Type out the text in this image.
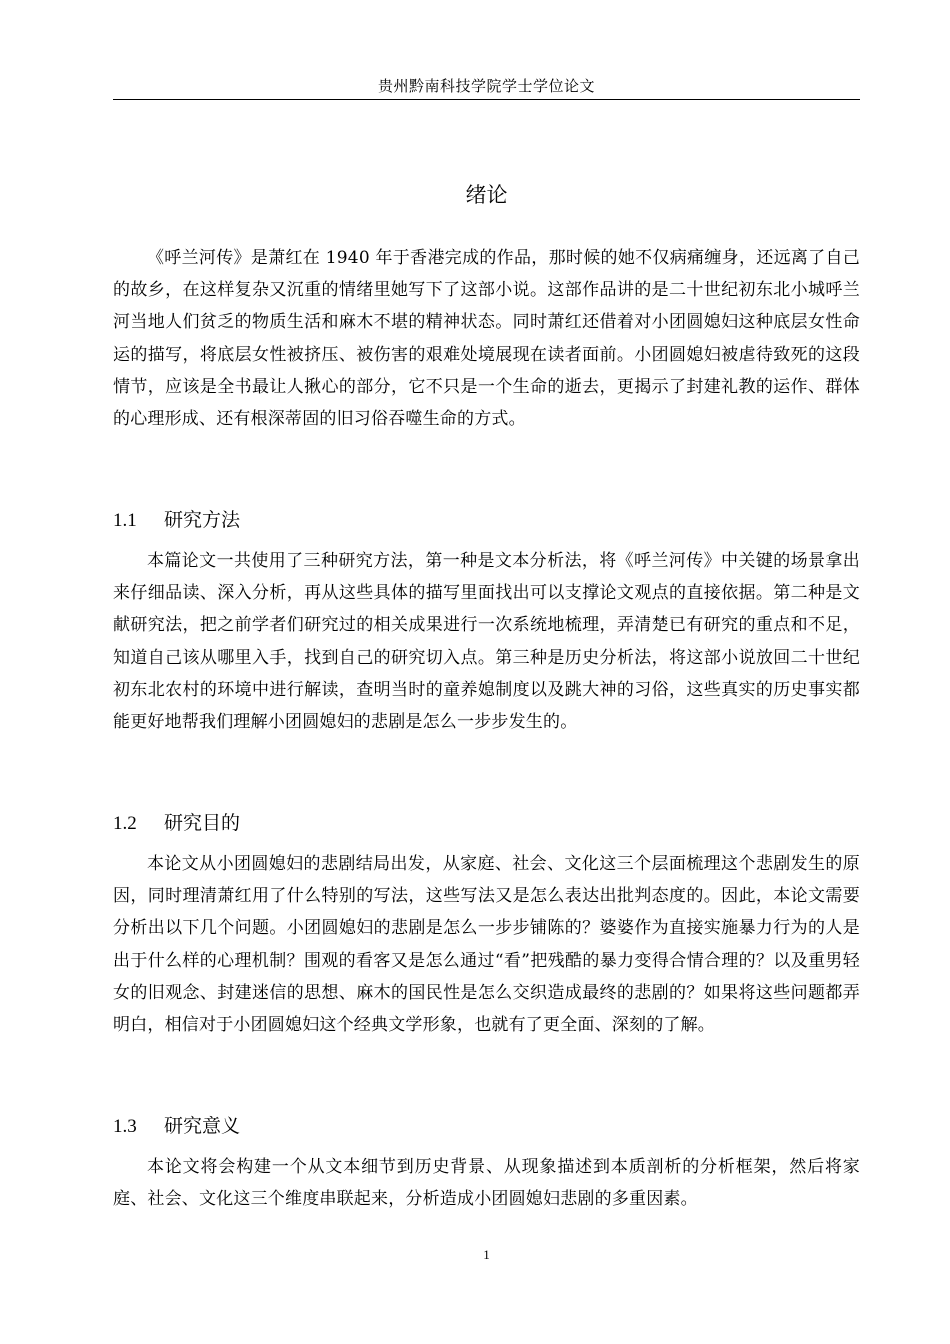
贵州黔南科技学院学士学位论文
绪论

《呼兰河传》是萧红在 1940 年于香港完成的作品，那时候的她不仅病痛缠身，还远离了自己的故乡，在这样复杂又沉重的情绪里她写下了这部小说。这部作品讲的是二十世纪初东北小城呼兰河当地人们贫乏的物质生活和麻木不堪的精神状态。同时萧红还借着对小团圆媳妇这种底层女性命运的描写，将底层女性被挤压、被伤害的艰难处境展现在读者面前。小团圆媳妇被虐待致死的这段情节，应该是全书最让人揪心的部分，它不只是一个生命的逝去，更揭示了封建礼教的运作、群体的心理形成、还有根深蒂固的旧习俗吞噬生命的方式。

1.1 研究方法

本篇论文一共使用了三种研究方法，第一种是文本分析法，将《呼兰河传》中关键的场景拿出来仔细品读、深入分析，再从这些具体的描写里面找出可以支撑论文观点的直接依据。第二种是文献研究法，把之前学者们研究过的相关成果进行一次系统地梳理，弄清楚已有研究的重点和不足，知道自己该从哪里入手，找到自己的研究切入点。第三种是历史分析法，将这部小说放回二十世纪初东北农村的环境中进行解读，查明当时的童养媳制度以及跳大神的习俗，这些真实的历史事实都能更好地帮我们理解小团圆媳妇的悲剧是怎么一步步发生的。

1.2 研究目的

本论文从小团圆媳妇的悲剧结局出发，从家庭、社会、文化这三个层面梳理这个悲剧发生的原因，同时理清萧红用了什么特别的写法，这些写法又是怎么表达出批判态度的。因此，本论文需要分析出以下几个问题。小团圆媳妇的悲剧是怎么一步步铺陈的？婆婆作为直接实施暴力行为的人是出于什么样的心理机制？围观的看客又是怎么通过“看”把残酷的暴力变得合情合理的？以及重男轻女的旧观念、封建迷信的思想、麻木的国民性是怎么交织造成最终的悲剧的？如果将这些问题都弄明白，相信对于小团圆媳妇这个经典文学形象，也就有了更全面、深刻的了解。

1.3 研究意义

本论文将会构建一个从文本细节到历史背景、从现象描述到本质剖析的分析框架，然后将家庭、社会、文化这三个维度串联起来，分析造成小团圆媳妇悲剧的多重因素。

1
